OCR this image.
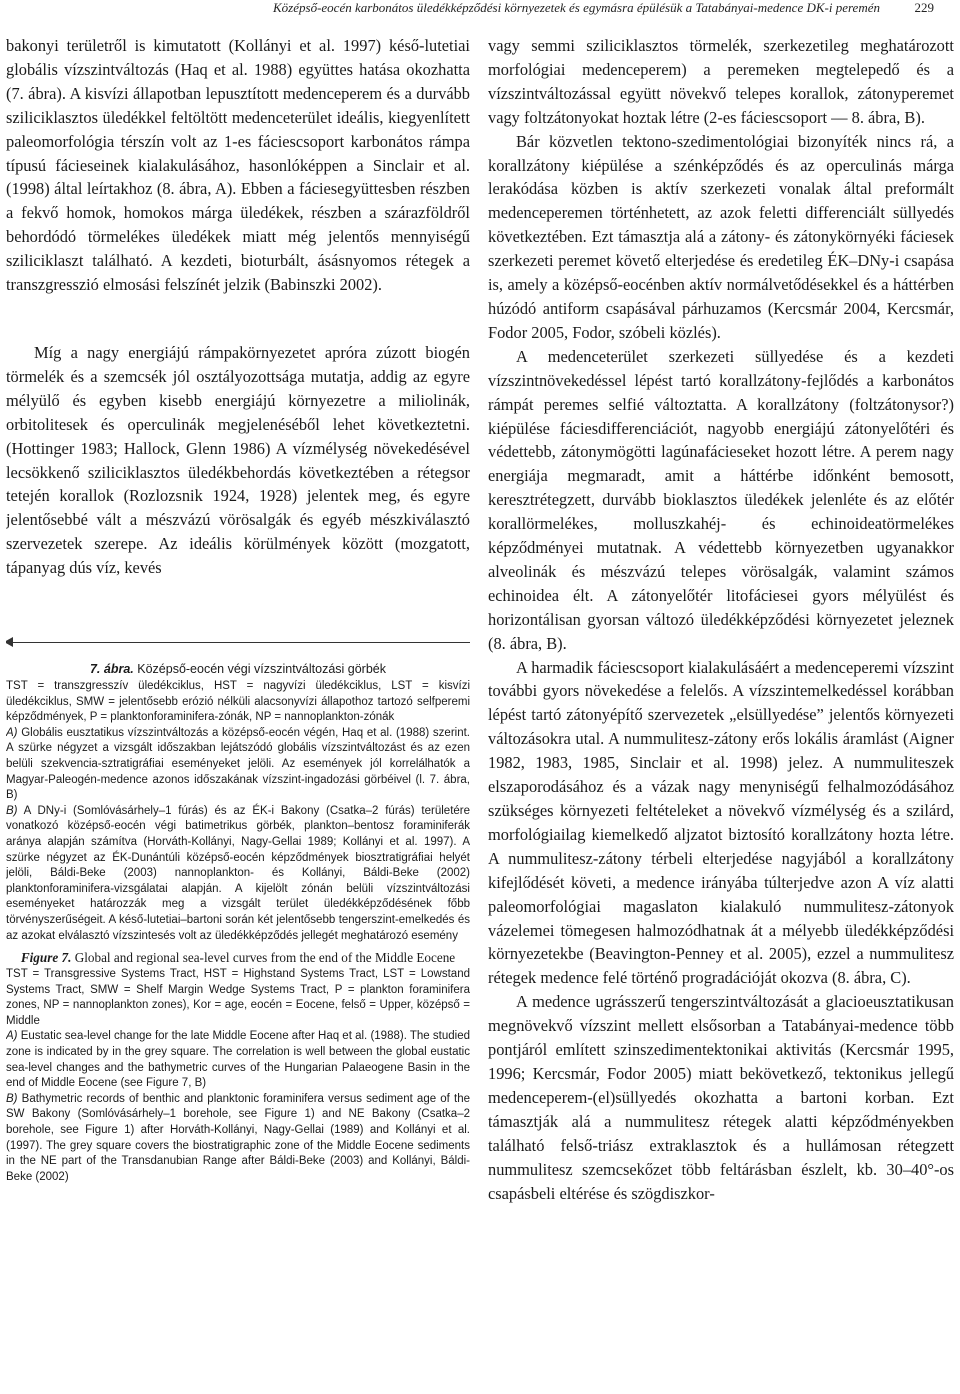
Középső-eocén karbonátos üledékképződési környezetek és egymásra épülésük a Tatabányai-medence DK-i peremén	229

bakonyi területről is kimutatott (Kollányi et al. 1997) késő-lutetiai globális vízszintváltozás (Haq et al. 1988) együttes hatása okozhatta (7. ábra). A kisvízi állapotban lepusztított medenceperem és a durvább sziliciklasztos üledékkel feltöltött medenceterület ideális, kiegyenlített paleomorfológia térszín volt az 1-es fáciescsoport karbonátos rámpa típusú fácieseinek kialakulásához, hasonlóképpen a Sinclair et al. (1998) által leírtakhoz (8. ábra, A). Ebben a fáciesegyüttesben részben a fekvő homok, homokos márga üledékek, részben a szárazföldről behordódó törmelékes üledékek miatt még jelentős mennyiségű sziliciklaszt található. A kezdeti, bioturbált, ásásnyomos rétegek a transzgresszió elmosási felszínét jelzik (Babinszki 2002).

Míg a nagy energiájú rámpakörnyezetet apróra zúzott biogén törmelék és a szemcsék jól osztályozottsága mutatja, addig az egyre mélyülő és egyben kisebb energiájú környezetre a miliolinák, orbitolitesek és operculinák megjelenéséből lehet következtetni. (Hottinger 1983; Hallock, Glenn 1986) A vízmélység növekedésével lecsökkenő sziliciklasztos üledékbehordás következtében a rétegsor tetején korallok (Rozlozsnik 1924, 1928) jelentek meg, és egyre jelentősebbé vált a mészvázú vörösalgák és egyéb mészkiválasztó szervezetek szerepe. Az ideális körülmények között (mozgatott, tápanyag dús víz, kevés

7. ábra. Középső-eocén végi vízszintváltozási görbék

TST = transzgresszív üledékciklus, HST = nagyvízi üledékciklus, LST = kisvízi üledékciklus, SMW = jelentősebb erózió nélküli alacsonyvízi állapothoz tartozó selfperemi képződmények, P = planktonforaminifera-zónák, NP = nannoplankton-zónák

A) Globális eusztatikus vízszintváltozás a középső-eocén végén, Haq et al. (1988) szerint. A szürke négyzet a vizsgált időszakban lejátszódó globális vízszintváltozást és az ezen belüli szekvencia-sztratigráfiai eseményeket jelöli. Az események jól korrelálhatók a Magyar-Paleogén-medence azonos időszakának vízszint-ingadozási görbéivel (l. 7. ábra, B)

B) A DNy-i (Somlóvásárhely–1 fúrás) és az ÉK-i Bakony (Csatka–2 fúrás) területére vonatkozó középső-eocén végi batimetrikus görbék, plankton–bentosz foraminiferák aránya alapján számítva (Horváth-Kollányi, Nagy-Gellai 1989; Kollányi et al. 1997). A szürke négyzet az ÉK-Dunántúli középső-eocén képződmények biosztratigráfiai helyét jelöli, Báldi-Beke (2003) nannoplankton- és Kollányi, Báldi-Beke (2002) planktonforaminifera-vizsgálatai alapján. A kijelölt zónán belüli vízszintváltozási eseményeket határozzák meg a vizsgált terület üledékképződésének főbb törvényszerűségeit. A késő-lutetiai–bartoni során két jelentősebb tengerszint-emelkedés és az azokat elválasztó vízszintesés volt az üledékképződés jellegét meghatározó esemény

Figure 7. Global and regional sea-level curves from the end of the Middle Eocene

TST = Transgressive Systems Tract, HST = Highstand Systems Tract, LST = Lowstand Systems Tract, SMW = Shelf Margin Wedge Systems Tract, P = plankton foraminifera zones, NP = nannoplankton zones), Kor = age, eocén = Eocene, felső = Upper, középső = Middle

A) Eustatic sea-level change for the late Middle Eocene after Haq et al. (1988). The studied zone is indicated by in the grey square. The correlation is well between the global eustatic sea-level changes and the bathymetric curves of the Hungarian Palaeogene Basin in the end of Middle Eocene (see Figure 7, B)

B) Bathymetric records of benthic and planktonic foraminifera versus sediment age of the SW Bakony (Somlóvásárhely–1 borehole, see Figure 1) and NE Bakony (Csatka–2 borehole, see Figure 1) after Horváth-Kollányi, Nagy-Gellai (1989) and Kollányi et al. (1997). The grey square covers the biostratigraphic zone of the Middle Eocene sediments in the NE part of the Transdanubian Range after Báldi-Beke (2003) and Kollányi, Báldi-Beke (2002)

vagy semmi sziliciklasztos törmelék, szerkezetileg meghatározott morfológiai medenceperem) a peremeken megtelepedő és a vízszintváltozással együtt növekvő telepes korallok, zátonyperemet vagy foltzátonyokat hoztak létre (2-es fáciescsoport — 8. ábra, B).

Bár közvetlen tektono-szedimentológiai bizonyíték nincs rá, a korallzátony kiépülése a szénképződés és az operculinás márga lerakódása közben is aktív szerkezeti vonalak által preformált medenceperemen történhetett, az azok feletti differenciált süllyedés következtében. Ezt támasztja alá a zátony- és zátonykörnyéki fáciesek szerkezeti peremet követő elterjedése és eredetileg ÉK–DNy-i csapása is, amely a középső-eocénben aktív normálvetődésekkel és a háttérben húzódó antiform csapásával párhuzamos (Kercsmár 2004, Kercsmár, Fodor 2005, Fodor, szóbeli közlés).

A medenceterület szerkezeti süllyedése és a kezdeti vízszintnövekedéssel lépést tartó korallzátony-fejlődés a karbonátos rámpát peremes selfié változtatta. A korallzátony (foltzátonysor?) kiépülése fáciesdifferenciációt, nagyobb energiájú zátonyelőtéri és védettebb, zátonymögötti lagúnafácieseket hozott létre. A perem nagy energiája megmaradt, amit a háttérbe időnként bemosott, keresztrétegzett, durvább bioklasztos üledékek jelenléte és az előtér korallörmelékes, molluszkahéj- és echinoideatörmelékes képződményei mutatnak. A védettebb környezetben ugyanakkor alveolinák és mészvázú telepes vörösalgák, valamint számos echinoidea élt. A zátonyelőtér litofáciesei gyors mélyülést és horizontálisan gyorsan változó üledékképződési környezetet jeleznek (8. ábra, B).

A harmadik fáciescsoport kialakulásáért a medenceperemi vízszint további gyors növekedése a felelős. A vízszintemelkedéssel korábban lépést tartó zátonyépítő szervezetek „elsüllyedése” jelentős környezeti változásokra utal. A nummulitesz-zátony erős lokális áramlást (Aigner 1982, 1983, 1985, Sinclair et al. 1998) jelez. A nummuliteszek elszaporodásához és a vázak nagy menyniségű felhalmozódásához szükséges környezeti feltételeket a növekvő vízmélység és a szilárd, morfológiailag kiemelkedő aljzatot biztosító korallzátony hozta létre. A nummulitesz-zátony térbeli elterjedése nagyjából a korallzátony kifejlődését követi, a medence irányába túlterjedve azon A víz alatti paleomorfológiai magaslaton kialakuló nummulitesz-zátonyok vázelemei tömegesen halmozódhatnak át a mélyebb üledékképződési környezetekbe (Beavington-Penney et al. 2005), ezzel a nummulitesz rétegek medence felé történő progradációját okozva (8. ábra, C).

A medence ugrásszerű tengerszintváltozását a glacioeusztatikusan megnövekvő vízszint mellett elsősorban a Tatabányai-medence több pontjáról említett szinszedimentektonikai aktivitás (Kercsmár 1995, 1996; Kercsmár, Fodor 2005) miatt bekövetkező, tektonikus jellegű medenceperem-(el)süllyedés okozhatta a bartoni korban. Ezt támasztják alá a nummulitesz rétegek alatti képződményekben található felső-triász extraklasztok és a hullámosan rétegzett nummulitesz szemcsekőzet több feltárásban észlelt, kb. 30–40°-os csapásbeli eltérése és szögdiszkor-
